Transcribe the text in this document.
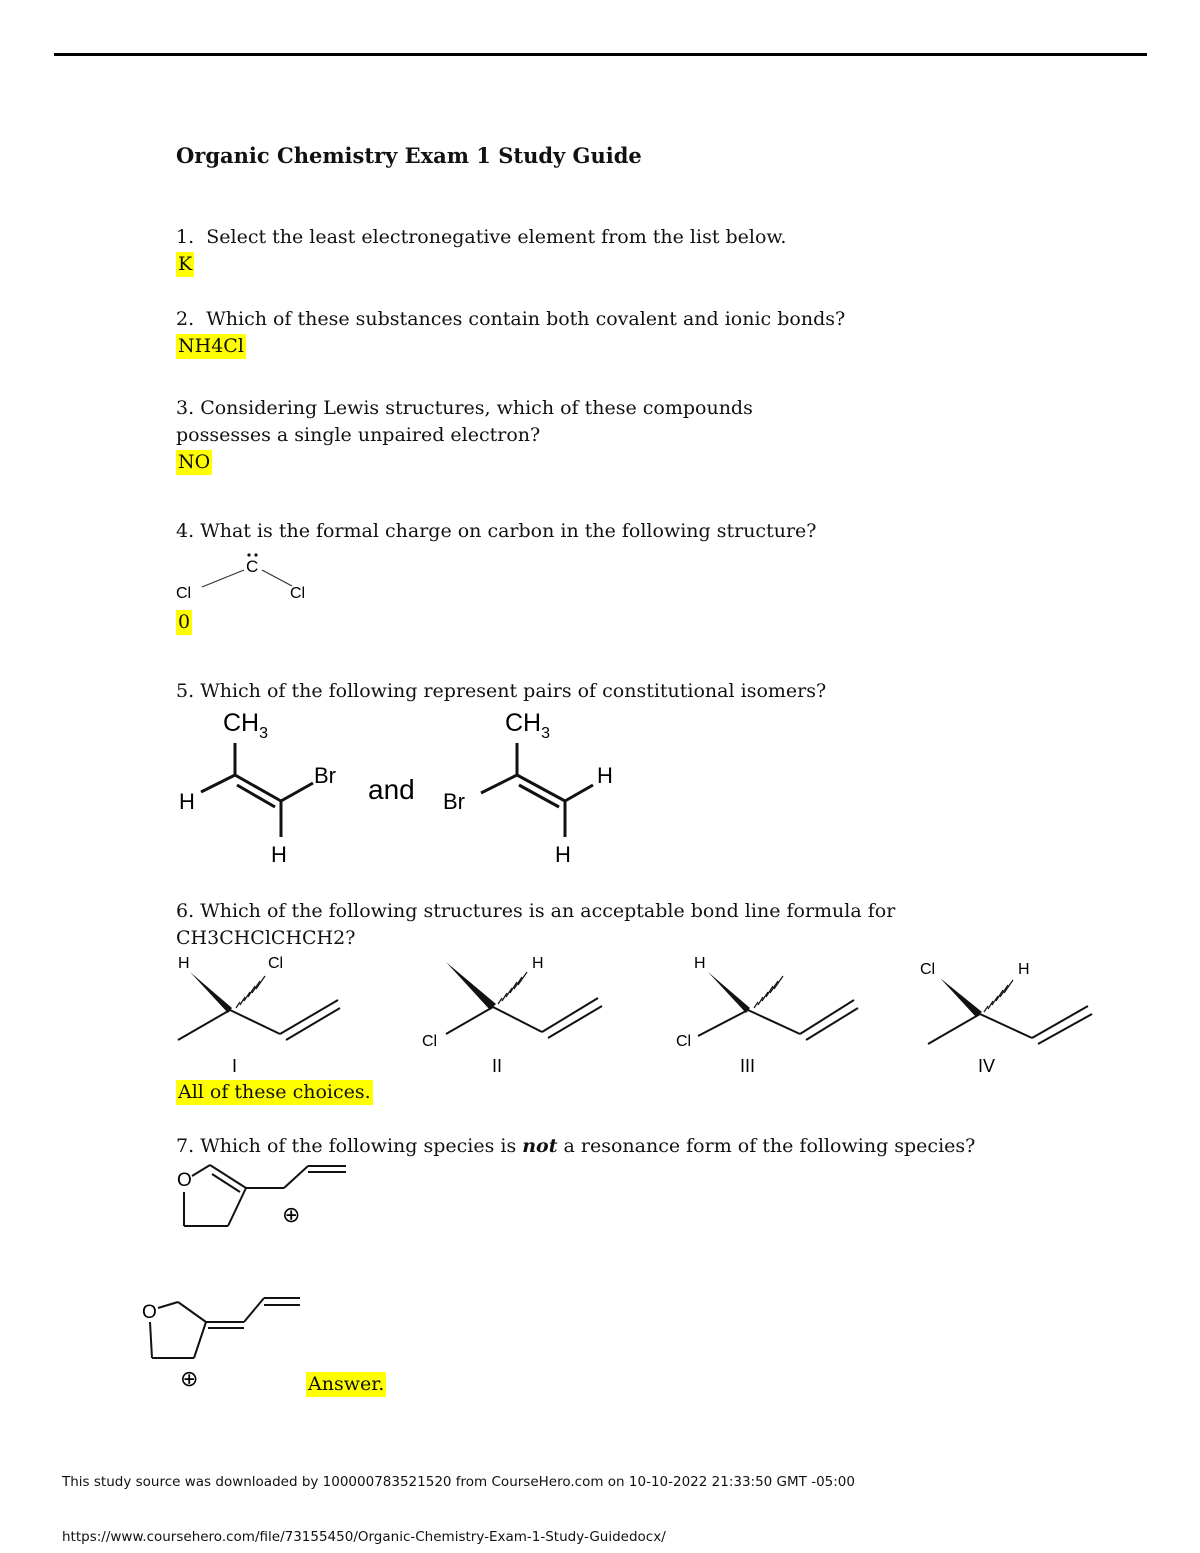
Organic Chemistry Exam 1 Study Guide
1. Select the least electronegative element from the list below.
K
2. Which of these substances contain both covalent and ionic bonds?
NH4Cl
3. Considering Lewis structures, which of these compounds
possesses a single unpaired electron?
NO
4. What is the formal charge on carbon in the following structure?
C
Cl	Cl
0
5. Which of the following represent pairs of constitutional isomers?
$CH_3$
H
Br
H
and
$CH_3$
Br
H
H
6. Which of the following structures is an acceptable bond line formula for
CH3CHClCHCH2?
H	Cl
I
H
Cl
II
H
Cl
III
Cl	H
IV
All of these choices.
7. Which of the following species is not a resonance form of the following species?
O
⊕
O
⊕	Answer.
This study source was downloaded by 100000783521520 from CourseHero.com on 10-10-2022 21:33:50 GMT -05:00
https://www.coursehero.com/file/73155450/Organic-Chemistry-Exam-1-Study-Guidedocx/
